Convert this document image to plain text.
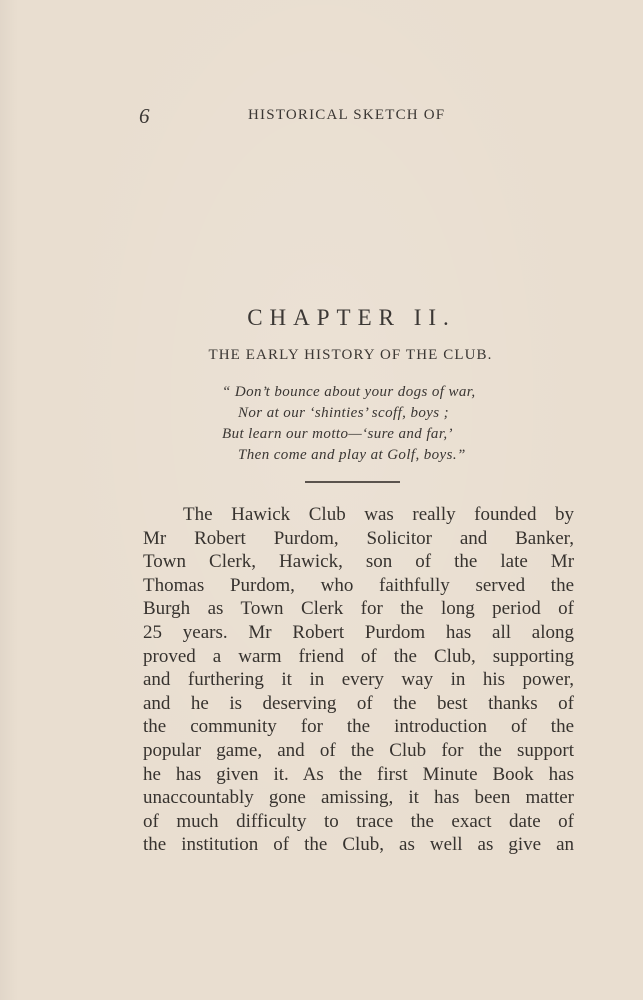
6	HISTORICAL SKETCH OF
CHAPTER II.
THE EARLY HISTORY OF THE CLUB.
“ Don’t bounce about your dogs of war,
Nor at our ‘shinties’ scoff, boys ;
But learn our motto—‘sure and far,’
Then come and play at Golf, boys.”
The Hawick Club was really founded by
Mr Robert Purdom, Solicitor and Banker,
Town Clerk, Hawick, son of the late Mr
Thomas Purdom, who faithfully served the
Burgh as Town Clerk for the long period of
25 years. Mr Robert Purdom has all along
proved a warm friend of the Club, supporting
and furthering it in every way in his power,
and he is deserving of the best thanks of
the community for the introduction of the
popular game, and of the Club for the support
he has given it. As the first Minute Book has
unaccountably gone amissing, it has been matter
of much difficulty to trace the exact date of
the institution of the Club, as well as give an
